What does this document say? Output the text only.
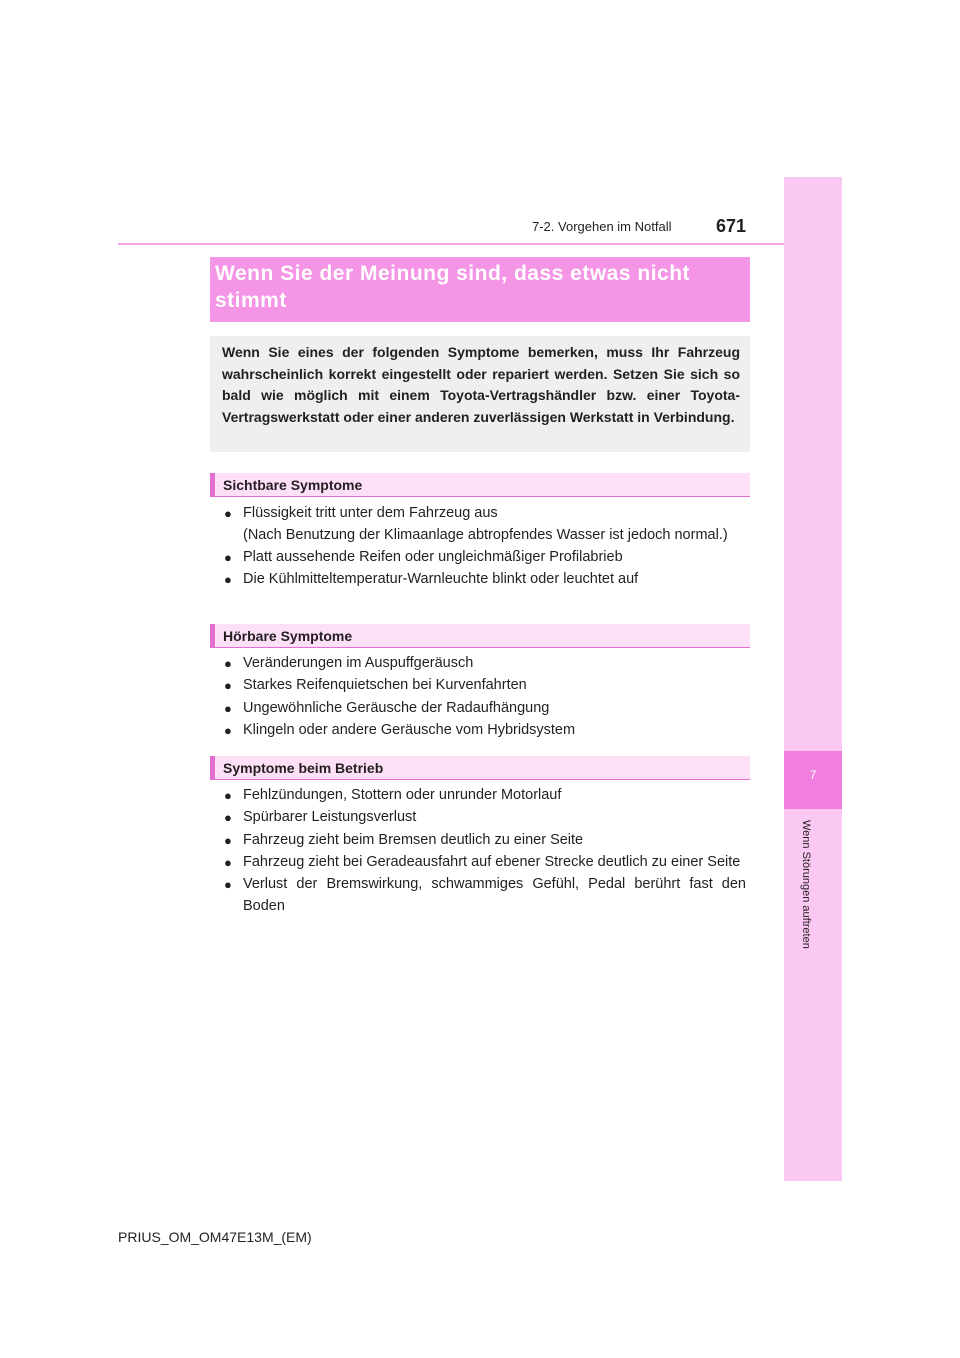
7-2. Vorgehen im Notfall 671
7
Wenn Störungen auftreten
Wenn Sie der Meinung sind, dass etwas nicht stimmt
Wenn Sie eines der folgenden Symptome bemerken, muss Ihr Fahrzeug wahrscheinlich korrekt eingestellt oder repariert werden. Setzen Sie sich so bald wie möglich mit einem Toyota-Vertragshändler bzw. einer Toyota-Vertragswerkstatt oder einer anderen zuverlässigen Werkstatt in Verbindung.
Sichtbare Symptome
● Flüssigkeit tritt unter dem Fahrzeug aus
(Nach Benutzung der Klimaanlage abtropfendes Wasser ist jedoch normal.)
● Platt aussehende Reifen oder ungleichmäßiger Profilabrieb
● Die Kühlmitteltemperatur-Warnleuchte blinkt oder leuchtet auf
Hörbare Symptome
● Veränderungen im Auspuffgeräusch
● Starkes Reifenquietschen bei Kurvenfahrten
● Ungewöhnliche Geräusche der Radaufhängung
● Klingeln oder andere Geräusche vom Hybridsystem
Symptome beim Betrieb
● Fehlzündungen, Stottern oder unrunder Motorlauf
● Spürbarer Leistungsverlust
● Fahrzeug zieht beim Bremsen deutlich zu einer Seite
● Fahrzeug zieht bei Geradeausfahrt auf ebener Strecke deutlich zu einer Seite
● Verlust der Bremswirkung, schwammiges Gefühl, Pedal berührt fast den Boden
PRIUS_OM_OM47E13M_(EM)
